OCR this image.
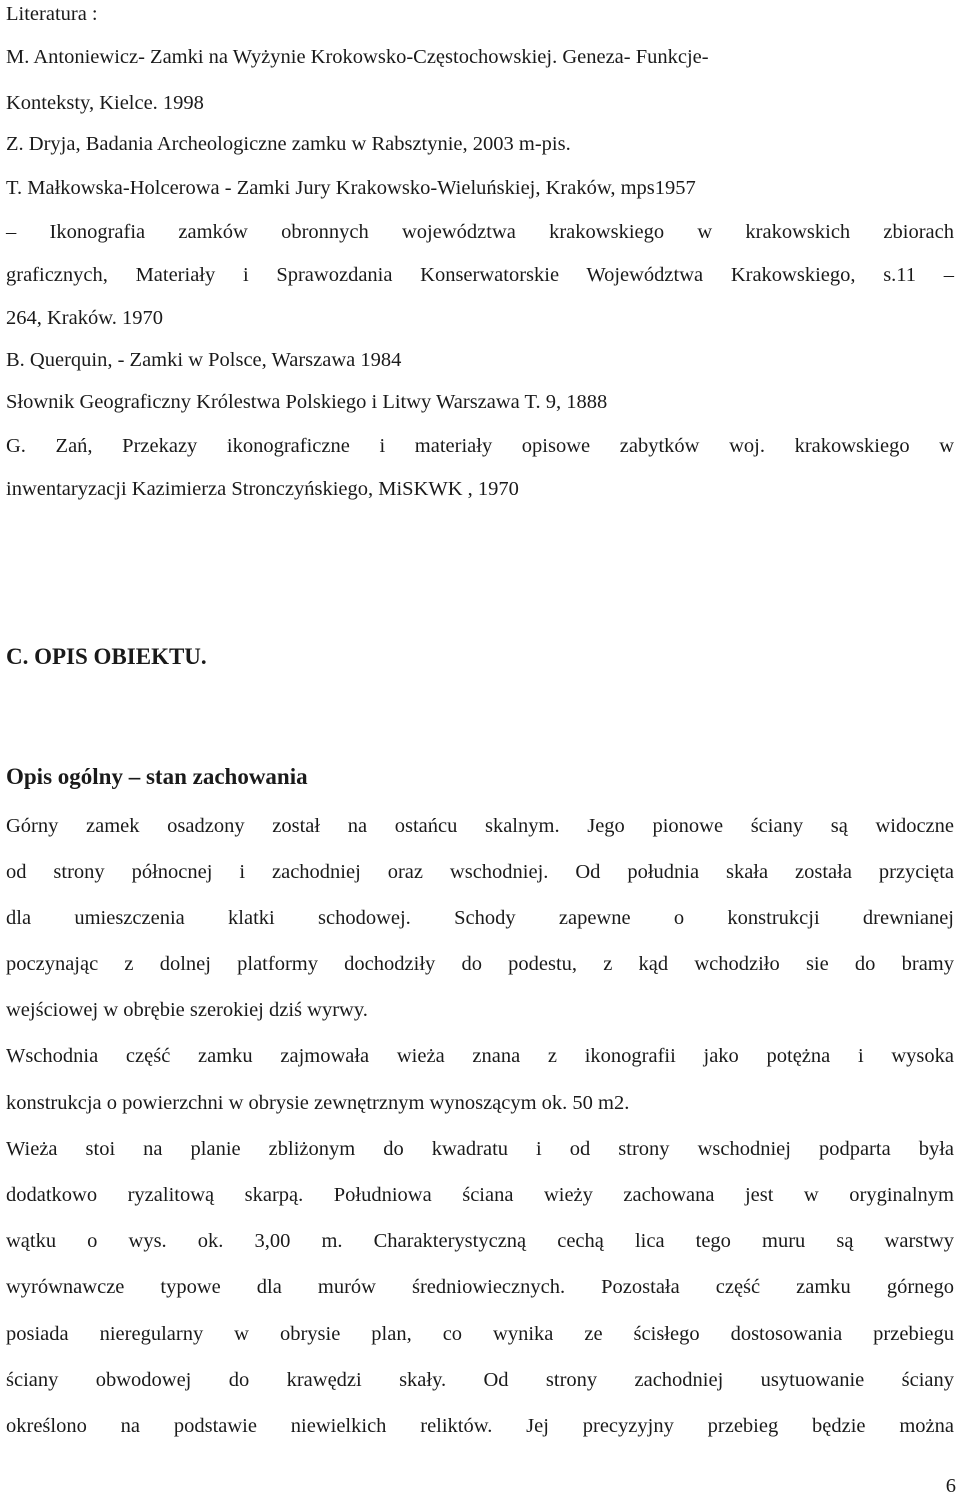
Literatura :
M. Antoniewicz- Zamki na Wyżynie Krokowsko-Częstochowskiej. Geneza- Funkcje-
Konteksty, Kielce. 1998
Z. Dryja, Badania Archeologiczne zamku w Rabsztynie, 2003 m-pis.
T. Małkowska-Holcerowa - Zamki Jury Krakowsko-Wieluńskiej, Kraków, mps1957
– Ikonografia zamków obronnych województwa krakowskiego w krakowskich zbiorach
graficznych, Materiały i Sprawozdania Konserwatorskie Województwa Krakowskiego, s.11 –
264, Kraków. 1970
B. Querquin, - Zamki w Polsce, Warszawa 1984
Słownik Geograficzny Królestwa Polskiego i Litwy Warszawa T. 9, 1888
G. Zań, Przekazy ikonograficzne i materiały opisowe zabytków woj. krakowskiego w
inwentaryzacji Kazimierza Stronczyńskiego, MiSKWK , 1970
C. OPIS OBIEKTU.
Opis ogólny – stan zachowania
Górny zamek osadzony został na ostańcu skalnym. Jego pionowe ściany są widoczne
od strony północnej i zachodniej oraz wschodniej. Od południa skała została przycięta
dla umieszczenia klatki schodowej. Schody zapewne o konstrukcji drewnianej
poczynając z dolnej platformy dochodziły do podestu, z kąd wchodziło sie do bramy
wejściowej w obrębie szerokiej dziś wyrwy.
Wschodnia część zamku zajmowała wieża znana z ikonografii jako potężna i wysoka
konstrukcja o powierzchni w obrysie zewnętrznym wynoszącym ok. 50 m2.
Wieża stoi na planie zbliżonym do kwadratu i od strony wschodniej podparta była
dodatkowo ryzalitową skarpą. Południowa ściana wieży zachowana jest w oryginalnym
wątku o wys. ok. 3,00 m. Charakterystyczną cechą lica tego muru są warstwy
wyrównawcze typowe dla murów średniowiecznych. Pozostała część zamku górnego
posiada nieregularny w obrysie plan, co wynika ze ścisłego dostosowania przebiegu
ściany obwodowej do krawędzi skały. Od strony zachodniej usytuowanie ściany
określono na podstawie niewielkich reliktów. Jej precyzyjny przebieg będzie można
6
